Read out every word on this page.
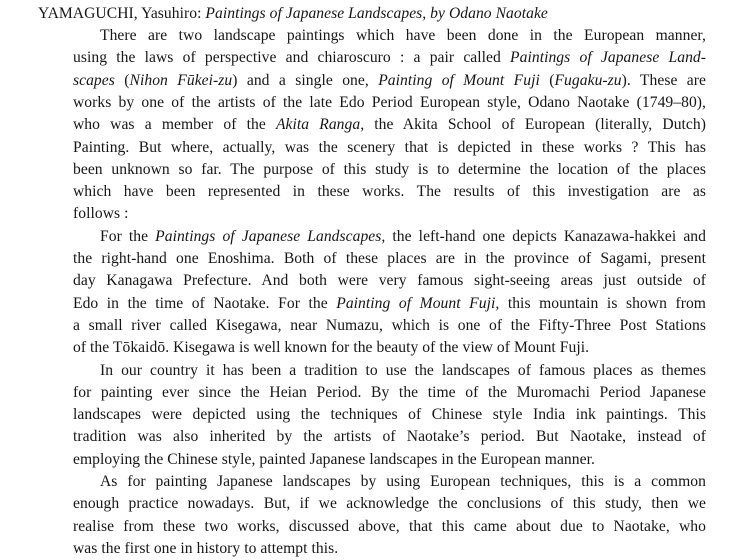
YAMAGUCHI, Yasuhiro: Paintings of Japanese Landscapes, by Odano Naotake

There are two landscape paintings which have been done in the European manner,

using the laws of perspective and chiaroscuro : a pair called Paintings of Japanese Land-

scapes (Nihon Fūkei-zu) and a single one, Painting of Mount Fuji (Fugaku-zu). These are

works by one of the artists of the late Edo Period European style, Odano Naotake (1749–80),

who was a member of the Akita Ranga, the Akita School of European (literally, Dutch)

Painting. But where, actually, was the scenery that is depicted in these works ? This has

been unknown so far. The purpose of this study is to determine the location of the places

which have been represented in these works. The results of this investigation are as

follows :

For the Paintings of Japanese Landscapes, the left-hand one depicts Kanazawa-hakkei and

the right-hand one Enoshima. Both of these places are in the province of Sagami, present

day Kanagawa Prefecture. And both were very famous sight-seeing areas just outside of

Edo in the time of Naotake. For the Painting of Mount Fuji, this mountain is shown from

a small river called Kisegawa, near Numazu, which is one of the Fifty-Three Post Stations

of the Tōkaidō. Kisegawa is well known for the beauty of the view of Mount Fuji.

In our country it has been a tradition to use the landscapes of famous places as themes

for painting ever since the Heian Period. By the time of the Muromachi Period Japanese

landscapes were depicted using the techniques of Chinese style India ink paintings. This

tradition was also inherited by the artists of Naotake’s period. But Naotake, instead of

employing the Chinese style, painted Japanese landscapes in the European manner.

As for painting Japanese landscapes by using European techniques, this is a common

enough practice nowadays. But, if we acknowledge the conclusions of this study, then we

realise from these two works, discussed above, that this came about due to Naotake, who

was the first one in history to attempt this.
